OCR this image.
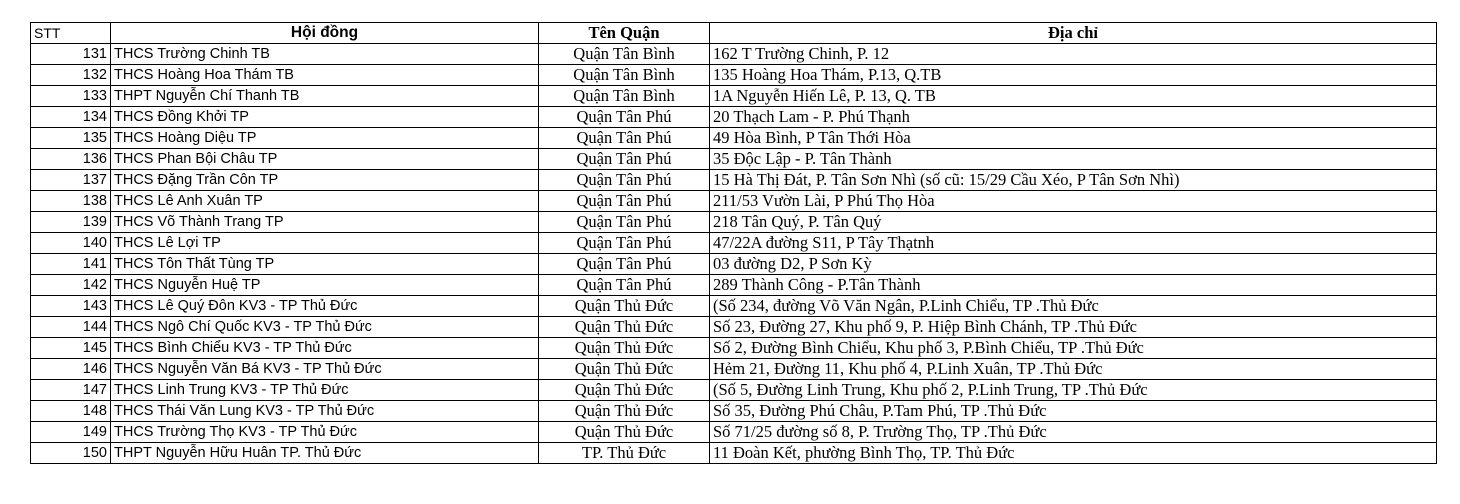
STT	Hội đồng	Tên Quận	Địa chỉ
131	THCS Trường Chinh TB	Quận Tân Bình	162 T Trường Chinh, P. 12
132	THCS Hoàng Hoa Thám TB	Quận Tân Bình	135 Hoàng Hoa Thám, P.13, Q.TB
133	THPT Nguyễn Chí Thanh TB	Quận Tân Bình	1A Nguyễn Hiến Lê, P. 13, Q. TB
134	THCS Đồng Khởi TP	Quận Tân Phú	20 Thạch Lam - P. Phú Thạnh
135	THCS Hoàng Diệu TP	Quận Tân Phú	49 Hòa Bình, P Tân Thới Hòa
136	THCS Phan Bội Châu TP	Quận Tân Phú	35 Độc Lập - P. Tân Thành
137	THCS Đặng Trần Côn TP	Quận Tân Phú	15 Hà Thị Đát, P. Tân Sơn Nhì (số cũ: 15/29 Cầu Xéo, P Tân Sơn Nhì)
138	THCS Lê Anh Xuân TP	Quận Tân Phú	211/53 Vườn Lài, P Phú Thọ Hòa
139	THCS Võ Thành Trang TP	Quận Tân Phú	218 Tân Quý, P. Tân Quý
140	THCS Lê Lợi TP	Quận Tân Phú	47/22A đường S11, P Tây Thạtnh
141	THCS Tôn Thất Tùng TP	Quận Tân Phú	03 đường D2, P Sơn Kỳ
142	THCS Nguyễn Huệ TP	Quận Tân Phú	289 Thành Công - P.Tân Thành
143	THCS Lê Quý Đôn KV3 - TP Thủ Đức	Quận Thủ Đức	(Số 234, đường Võ Văn Ngân, P.Linh Chiểu, TP .Thủ Đức
144	THCS Ngô Chí Quốc KV3 - TP Thủ Đức	Quận Thủ Đức	Số 23, Đường 27, Khu phố 9, P. Hiệp Bình Chánh, TP .Thủ Đức
145	THCS Bình Chiểu KV3 - TP Thủ Đức	Quận Thủ Đức	Số 2, Đường Bình Chiểu, Khu phố 3, P.Bình Chiểu, TP .Thủ Đức
146	THCS Nguyễn Văn Bá KV3 - TP Thủ Đức	Quận Thủ Đức	Hẻm 21, Đường 11, Khu phố 4, P.Linh Xuân, TP .Thủ Đức
147	THCS Linh Trung KV3 - TP Thủ Đức	Quận Thủ Đức	(Số 5, Đường Linh Trung, Khu phố 2, P.Linh Trung, TP .Thủ Đức
148	THCS Thái Văn Lung KV3 - TP Thủ Đức	Quận Thủ Đức	Số 35, Đường Phú Châu, P.Tam Phú, TP .Thủ Đức
149	THCS Trường Thọ KV3 - TP Thủ Đức	Quận Thủ Đức	Số 71/25 đường số 8, P. Trường Thọ, TP .Thủ Đức
150	THPT Nguyễn Hữu Huân TP. Thủ Đức	TP. Thủ Đức	11 Đoàn Kết, phường Bình Thọ, TP. Thủ Đức
